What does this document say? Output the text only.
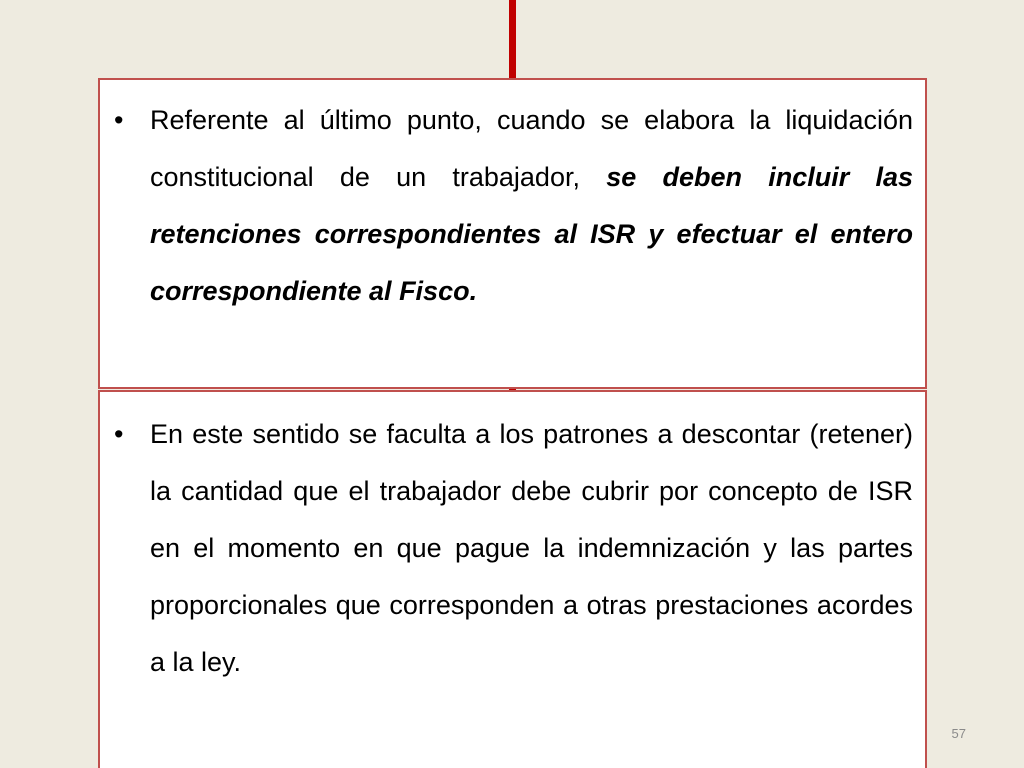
• Referente al último punto, cuando se elabora la liquidación constitucional de un trabajador, se deben incluir las retenciones correspondientes al ISR y efectuar el entero correspondiente al Fisco.
• En este sentido se faculta a los patrones a descontar (retener) la cantidad que el trabajador debe cubrir por concepto de ISR en el momento en que pague la indemnización y las partes proporcionales que corresponden a otras prestaciones acordes a la ley.
57
